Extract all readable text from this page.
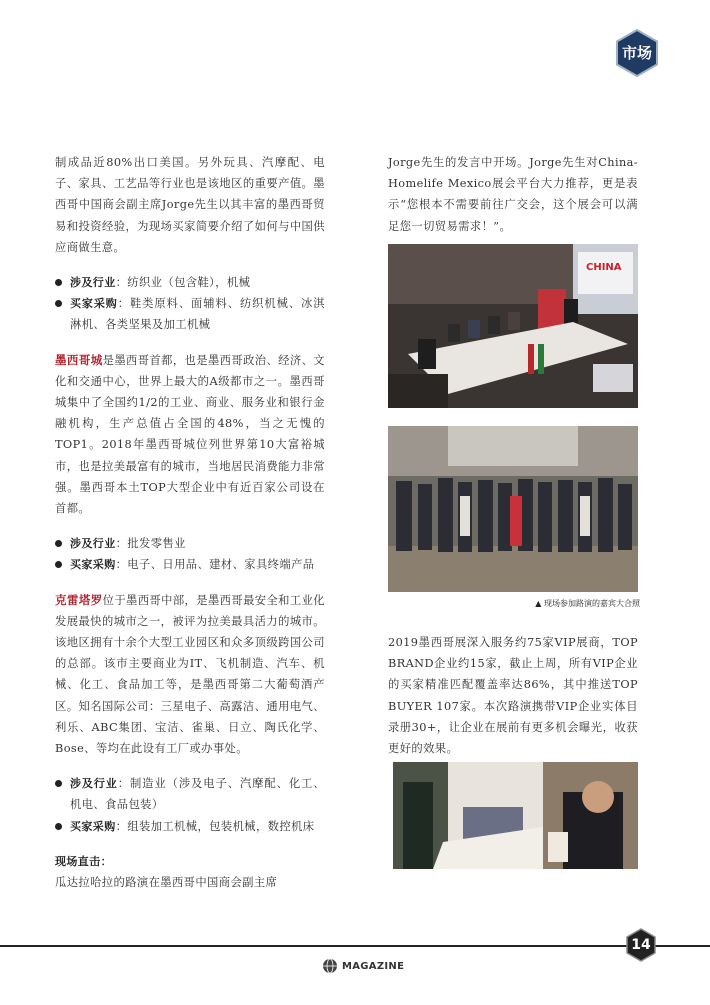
市场

制成品近80%出口美国。另外玩具、汽摩配、电子、家具、工艺品等行业也是该地区的重要产值。墨西哥中国商会副主席Jorge先生以其丰富的墨西哥贸易和投资经验，为现场买家简要介绍了如何与中国供应商做生意。

涉及行业：纺织业（包含鞋），机械
买家采购：鞋类原料、面辅料、纺织机械、冰淇淋机、各类坚果及加工机械

墨西哥城是墨西哥首都，也是墨西哥政治、经济、文化和交通中心，世界上最大的A级都市之一。墨西哥城集中了全国约1/2的工业、商业、服务业和银行金融机构，生产总值占全国的48%，当之无愧的TOP1。2018年墨西哥城位列世界第10大富裕城市，也是拉美最富有的城市，当地居民消费能力非常强。墨西哥本土TOP大型企业中有近百家公司设在首都。

涉及行业：批发零售业
买家采购：电子、日用品、建材、家具终端产品

克雷塔罗位于墨西哥中部，是墨西哥最安全和工业化发展最快的城市之一，被评为拉美最具活力的城市。该地区拥有十余个大型工业园区和众多顶级跨国公司的总部。该市主要商业为IT、飞机制造、汽车、机械、化工、食品加工等，是墨西哥第二大葡萄酒产区。知名国际公司：三星电子、高露洁、通用电气、利乐、ABC集团、宝洁、雀巢、日立、陶氏化学、Bose、等均在此设有工厂或办事处。

涉及行业：制造业（涉及电子、汽摩配、化工、机电、食品包装）
买家采购：组装加工机械，包装机械，数控机床

现场直击：

瓜达拉哈拉的路演在墨西哥中国商会副主席

Jorge先生的发言中开场。Jorge先生对China-Homelife Mexico展会平台大力推荐，更是表示“您根本不需要前往广交会，这个展会可以满足您一切贸易需求！”。

CHINA
▲ 现场参加路演的嘉宾大合照

2019墨西哥展深入服务约75家VIP展商，TOP BRAND企业约15家，截止上周，所有VIP企业的买家精准匹配覆盖率达86%，其中推送TOP BUYER 107家。本次路演携带VIP企业实体目录册30+，让企业在展前有更多机会曝光，收获更好的效果。

14
MAGAZINE
